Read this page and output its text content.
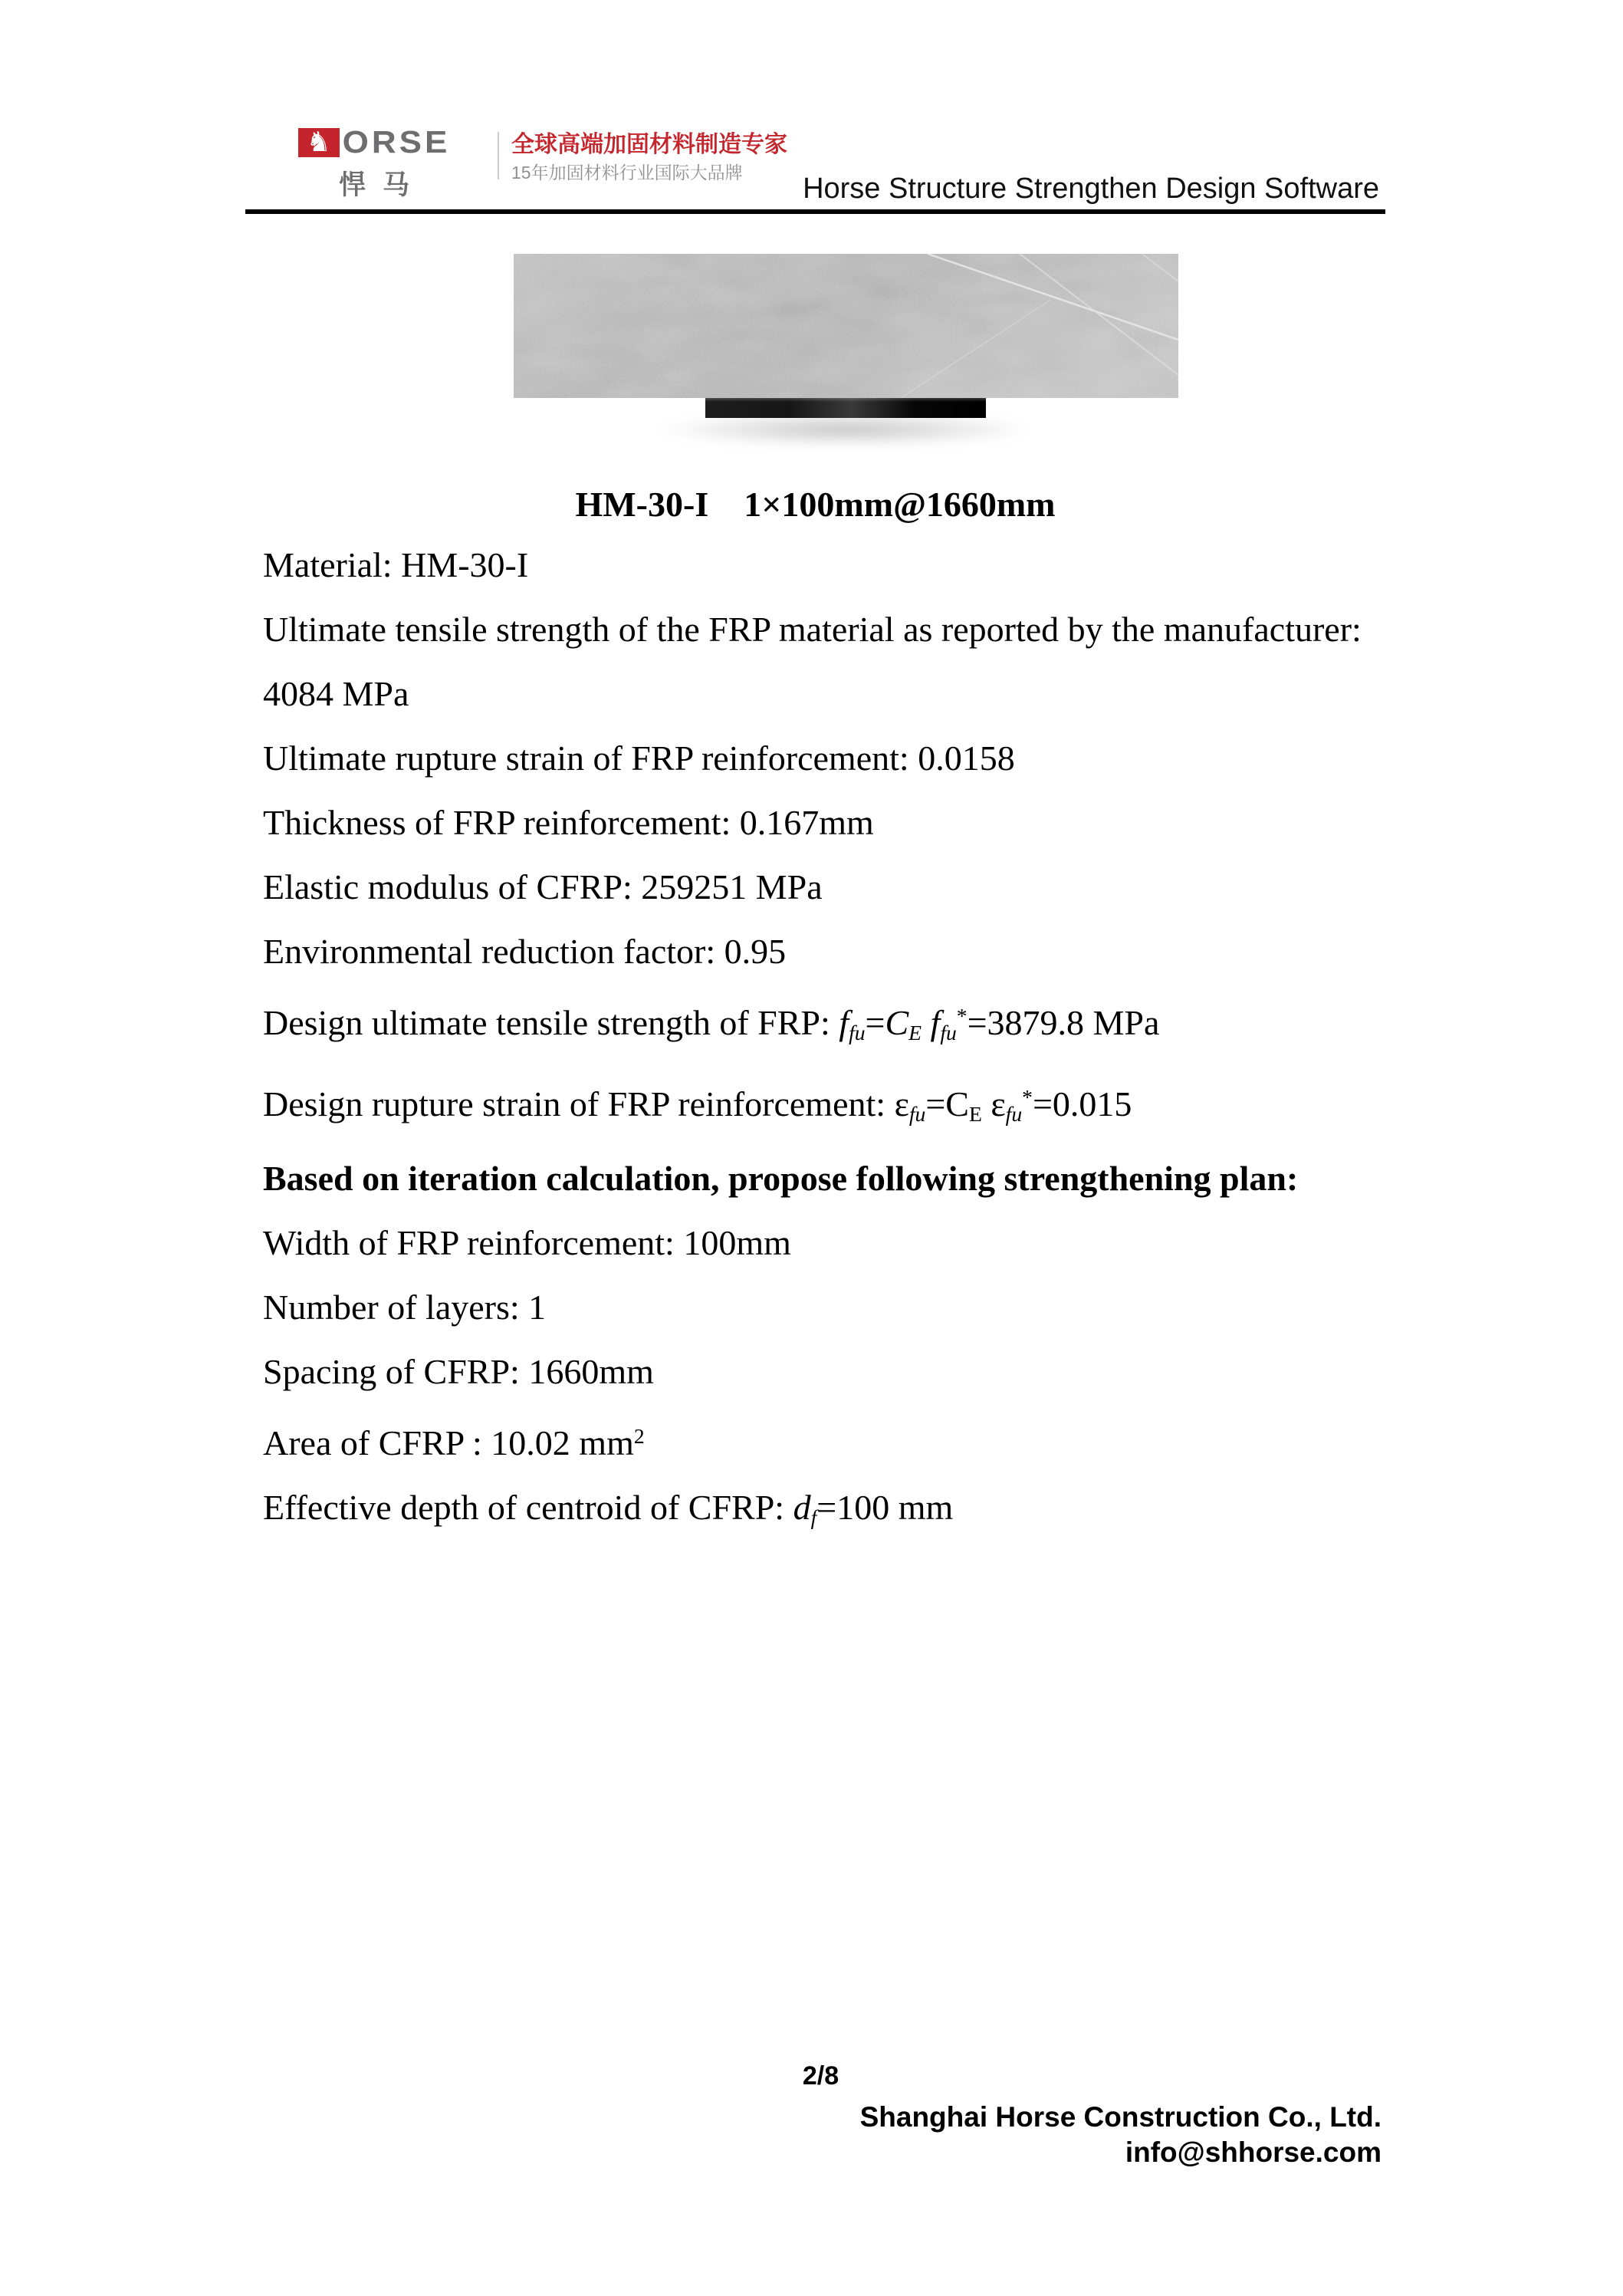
♞ ORSE
悍马
全球高端加固材料制造专家
15年加固材料行业国际大品牌	Horse Structure Strengthen Design Software
HM-30-I    1×100mm@1660mm

Material: HM-30-I

Ultimate tensile strength of the FRP material as reported by the manufacturer: 4084 MPa

Ultimate rupture strain of FRP reinforcement: 0.0158

Thickness of FRP reinforcement: 0.167mm

Elastic modulus of CFRP: 259251 MPa

Environmental reduction factor: 0.95

Design ultimate tensile strength of FRP: ffu=CE ffu*=3879.8 MPa

Design rupture strain of FRP reinforcement: εfu=CE εfu*=0.015

Based on iteration calculation, propose following strengthening plan:

Width of FRP reinforcement: 100mm

Number of layers: 1

Spacing of CFRP: 1660mm

Area of CFRP : 10.02 $mm^2$

Effective depth of centroid of CFRP: df=100 mm

2/8
Shanghai Horse Construction Co., Ltd.
info@shhorse.com
